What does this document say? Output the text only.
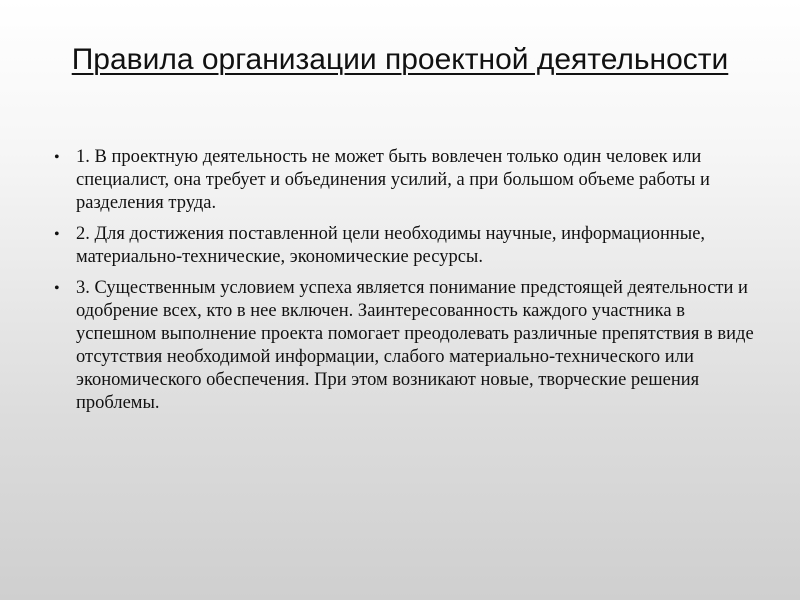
Правила организации проектной деятельности
• 1. В проектную деятельность не может быть вовлечен только один человек или специалист, она требует и объединения усилий, а при большом объеме работы и разделения труда.
• 2. Для достижения поставленной цели необходимы научные, информационные, материально-технические, экономические ресурсы.
• 3. Существенным условием успеха является понимание предстоящей деятельности и одобрение всех, кто в нее включен. Заинтересованность каждого участника в успешном выполнение проекта помогает преодолевать различные препятствия в виде отсутствия необходимой информации, слабого материально-технического или экономического обеспечения. При этом возникают новые, творческие решения проблемы.
